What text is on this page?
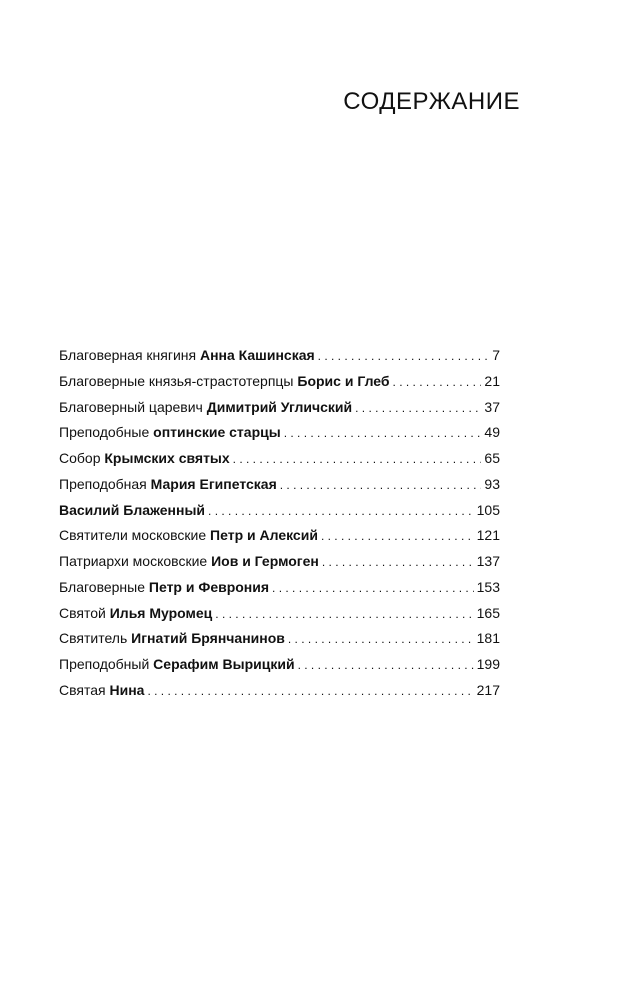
СОДЕРЖАНИЕ
Благоверная княгиня Анна Кашинская . . .	7
Благоверные князья-страстотерпцы Борис и Глеб . . .	21
Благоверный царевич Димитрий Угличский . . .	37
Преподобные оптинские старцы . . .	49
Собор Крымских святых . . .	65
Преподобная Мария Египетская . . .	93
Василий Блаженный . . .	105
Святители московские Петр и Алексий . . .	121
Патриархи московские Иов и Гермоген . . .	137
Благоверные Петр и Феврония . . .	153
Святой Илья Муромец . . .	165
Святитель Игнатий Брянчанинов . . .	181
Преподобный Серафим Вырицкий . . .	199
Святая Нина . . .	217
